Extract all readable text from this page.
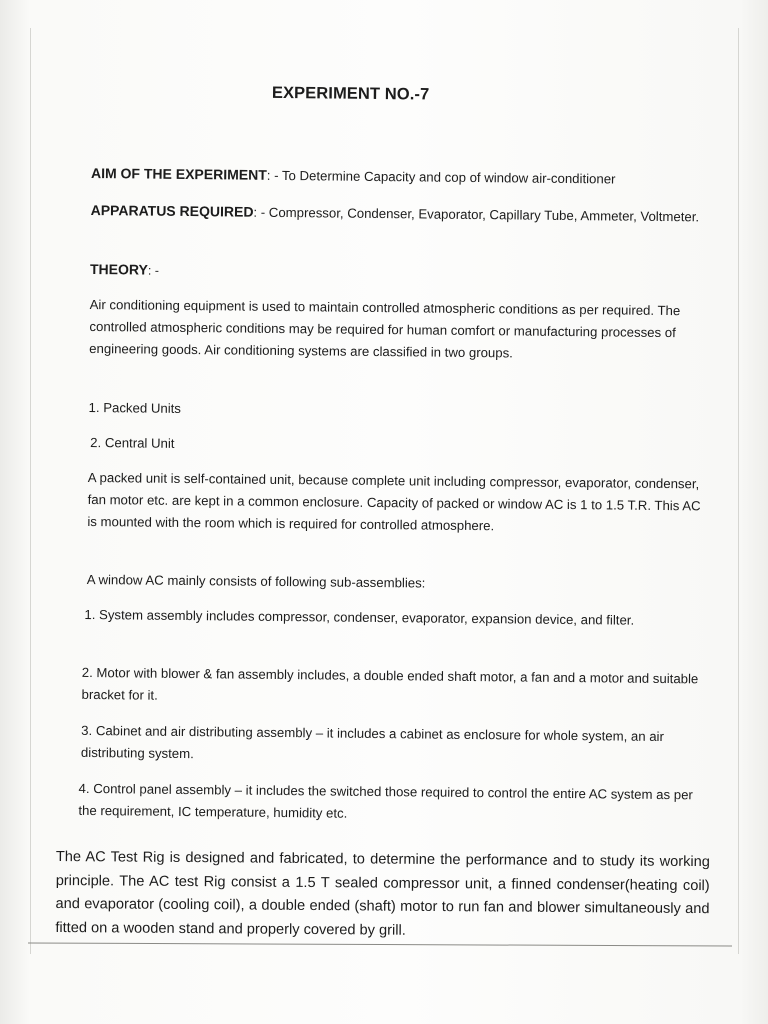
EXPERIMENT NO.-7
AIM OF THE EXPERIMENT: - To Determine Capacity and cop of window air-conditioner
APPARATUS REQUIRED: - Compressor, Condenser, Evaporator, Capillary Tube, Ammeter, Voltmeter.
THEORY: -
Air conditioning equipment is used to maintain controlled atmospheric conditions as per required. The controlled atmospheric conditions may be required for human comfort or manufacturing processes of engineering goods. Air conditioning systems are classified in two groups.
1. Packed Units
2. Central Unit
A packed unit is self-contained unit, because complete unit including compressor, evaporator, condenser, fan motor etc. are kept in a common enclosure. Capacity of packed or window AC is 1 to 1.5 T.R. This AC is mounted with the room which is required for controlled atmosphere.
A window AC mainly consists of following sub-assemblies:
1. System assembly includes compressor, condenser, evaporator, expansion device, and filter.
2. Motor with blower & fan assembly includes, a double ended shaft motor, a fan and a motor and suitable bracket for it.
3. Cabinet and air distributing assembly – it includes a cabinet as enclosure for whole system, an air distributing system.
4. Control panel assembly – it includes the switched those required to control the entire AC system as per the requirement, IC temperature, humidity etc.
The AC Test Rig is designed and fabricated, to determine the performance and to study its working principle. The AC test Rig consist a 1.5 T sealed compressor unit, a finned condenser(heating coil) and evaporator (cooling coil), a double ended (shaft) motor to run fan and blower simultaneously and fitted on a wooden stand and properly covered by grill.
